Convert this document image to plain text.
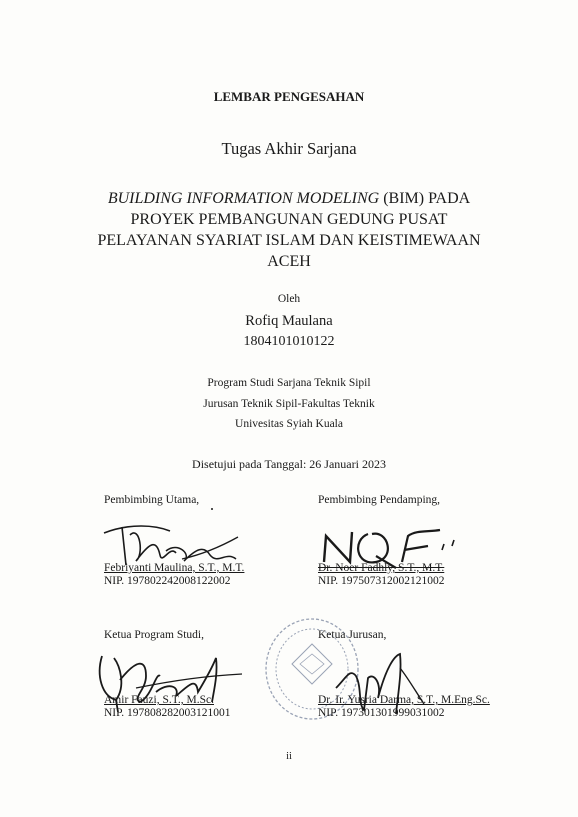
LEMBAR PENGESAHAN
Tugas Akhir Sarjana
BUILDING INFORMATION MODELING (BIM) PADA
PROYEK PEMBANGUNAN GEDUNG PUSAT
PELAYANAN SYARIAT ISLAM DAN KEISTIMEWAAN
ACEH
Oleh
Rofiq Maulana
1804101010122
Program Studi Sarjana Teknik Sipil
Jurusan Teknik Sipil-Fakultas Teknik
Univesitas Syiah Kuala
Disetujui pada Tanggal: 26 Januari 2023
Pembimbing Utama,
Febriyanti Maulina, S.T., M.T.
NIP. 197802242008122002
Pembimbing Pendamping,
Dr. Noer Fadhly, S.T., M.T.
NIP. 197507312002121002
Ketua Program Studi,
Amir Fauzi, S.T., M.Sc.
NIP. 197808282003121001
Ketua Jurusan,
Dr. Ir. Yusria Darma, S.T., M.Eng.Sc.
NIP. 197301301999031002
ii
